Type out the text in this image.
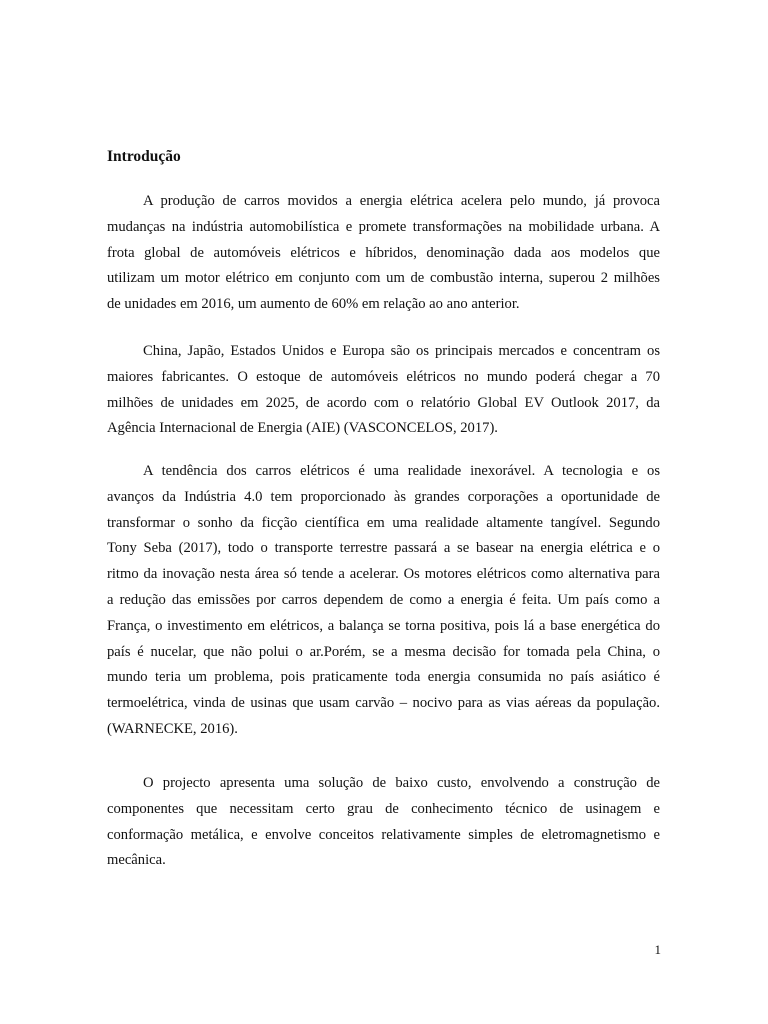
Introdução
A produção de carros movidos a energia elétrica acelera pelo mundo, já provoca
mudanças na indústria automobilística e promete transformações na mobilidade urbana. A
frota global de automóveis elétricos e híbridos, denominação dada aos modelos que
utilizam um motor elétrico em conjunto com um de combustão interna, superou 2 milhões
de unidades em 2016, um aumento de 60% em relação ao ano anterior.
China, Japão, Estados Unidos e Europa são os principais mercados e concentram os
maiores fabricantes. O estoque de automóveis elétricos no mundo poderá chegar a 70
milhões de unidades em 2025, de acordo com o relatório Global EV Outlook 2017, da
Agência Internacional de Energia (AIE) (VASCONCELOS, 2017).
A tendência dos carros elétricos é uma realidade inexorável. A tecnologia e os
avanços da Indústria 4.0 tem proporcionado às grandes corporações a oportunidade de
transformar o sonho da ficção científica em uma realidade altamente tangível. Segundo
Tony Seba (2017), todo o transporte terrestre passará a se basear na energia elétrica e o
ritmo da inovação nesta área só tende a acelerar. Os motores elétricos como alternativa para
a redução das emissões por carros dependem de como a energia é feita. Um país como a
França, o investimento em elétricos, a balança se torna positiva, pois lá a base energética do
país é nucelar, que não polui o ar.Porém, se a mesma decisão for tomada pela China, o
mundo teria um problema, pois praticamente toda energia consumida no país asiático é
termoelétrica, vinda de usinas que usam carvão – nocivo para as vias aéreas da população.
(WARNECKE, 2016).
O projecto apresenta uma solução de baixo custo, envolvendo a construção de
componentes que necessitam certo grau de conhecimento técnico de usinagem e
conformação metálica, e envolve conceitos relativamente simples de eletromagnetismo e
mecânica.

1
